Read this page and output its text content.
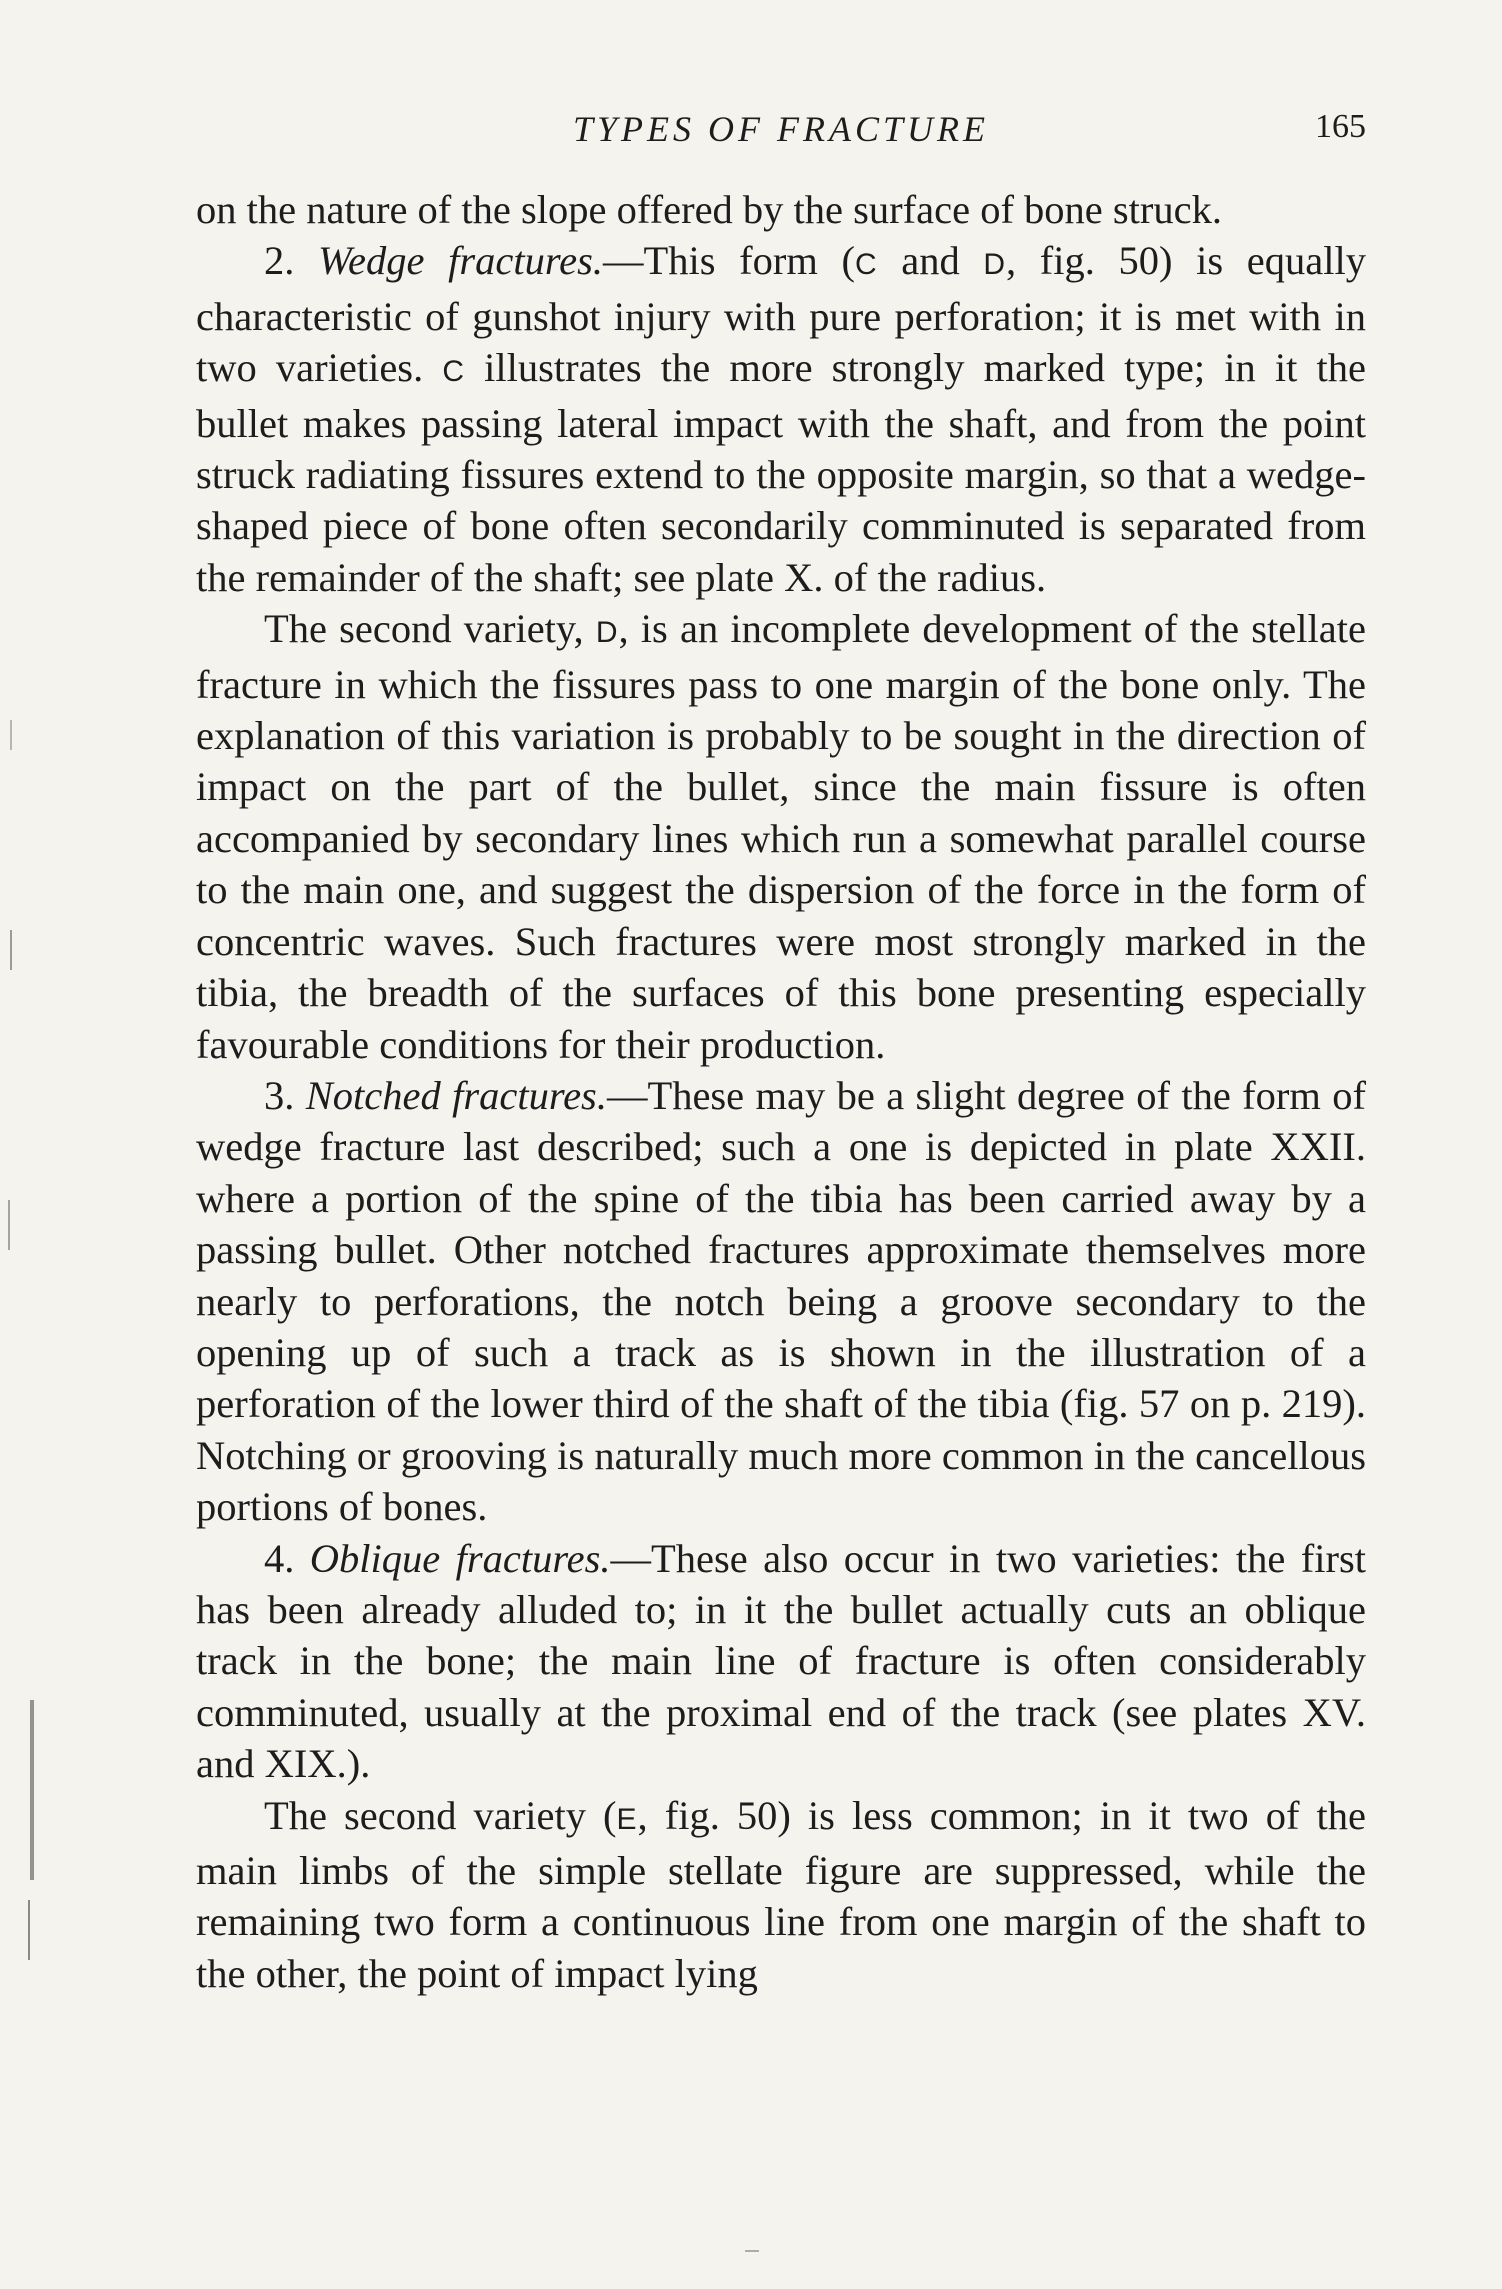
TYPES OF FRACTURE	165

on the nature of the slope offered by the surface of bone struck.

2. Wedge fractures.—This form (C and D, fig. 50) is equally characteristic of gunshot injury with pure perforation; it is met with in two varieties. C illustrates the more strongly marked type; in it the bullet makes passing lateral impact with the shaft, and from the point struck radiating fissures extend to the opposite margin, so that a wedge-shaped piece of bone often secondarily comminuted is separated from the remainder of the shaft; see plate X. of the radius.

The second variety, D, is an incomplete development of the stellate fracture in which the fissures pass to one margin of the bone only. The explanation of this variation is probably to be sought in the direction of impact on the part of the bullet, since the main fissure is often accompanied by secondary lines which run a somewhat parallel course to the main one, and suggest the dispersion of the force in the form of concentric waves. Such fractures were most strongly marked in the tibia, the breadth of the surfaces of this bone presenting especially favourable conditions for their production.

3. Notched fractures.—These may be a slight degree of the form of wedge fracture last described; such a one is depicted in plate XXII. where a portion of the spine of the tibia has been carried away by a passing bullet. Other notched fractures approximate themselves more nearly to perforations, the notch being a groove secondary to the opening up of such a track as is shown in the illustration of a perforation of the lower third of the shaft of the tibia (fig. 57 on p. 219). Notching or grooving is naturally much more common in the cancellous portions of bones.

4. Oblique fractures.—These also occur in two varieties: the first has been already alluded to; in it the bullet actually cuts an oblique track in the bone; the main line of fracture is often considerably comminuted, usually at the proximal end of the track (see plates XV. and XIX.).

The second variety (E, fig. 50) is less common; in it two of the main limbs of the simple stellate figure are suppressed, while the remaining two form a continuous line from one margin of the shaft to the other, the point of impact lying
